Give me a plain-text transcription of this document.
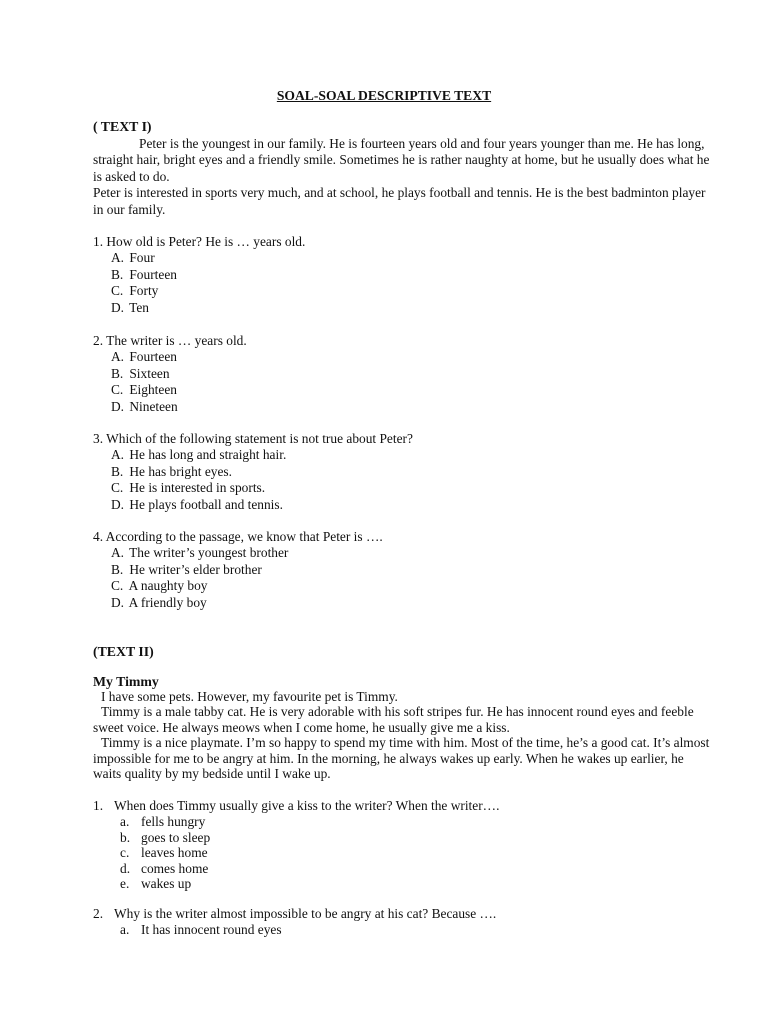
SOAL-SOAL DESCRIPTIVE TEXT
( TEXT I)

Peter is the youngest in our family. He is fourteen years old and four years younger than me. He has long, straight hair, bright eyes and a friendly smile. Sometimes he is rather naughty at home, but he usually does what he is asked to do.

Peter is interested in sports very much, and at school, he plays football and tennis. He is the best badminton player in our family.

1. How old is Peter? He is … years old.

A. Four
B. Fourteen
C. Forty
D. Ten

2. The writer is … years old.

A. Fourteen
B. Sixteen
C. Eighteen
D. Nineteen

3. Which of the following statement is not true about Peter?

A. He has long and straight hair.
B. He has bright eyes.
C. He is interested in sports.
D. He plays football and tennis.

4. According to the passage, we know that Peter is ….

A. The writer’s youngest brother
B. He writer’s elder brother
C. A naughty boy
D. A friendly boy
(TEXT II)
My Timmy

I have some pets. However, my favourite pet is Timmy.

Timmy is a male tabby cat. He is very adorable with his soft stripes fur. He has innocent round eyes and feeble sweet voice. He always meows when I come home, he usually give me a kiss.

Timmy is a nice playmate. I’m so happy to spend my time with him. Most of the time, he’s a good cat. It’s almost impossible for me to be angry at him. In the morning, he always wakes up early. When he wakes up earlier, he waits quality by my bedside until I wake up.

1. When does Timmy usually give a kiss to the writer? When the writer….

a. fells hungry
b. goes to sleep
c. leaves home
d. comes home
e. wakes up

2. Why is the writer almost impossible to be angry at his cat? Because ….

a. It has innocent round eyes
